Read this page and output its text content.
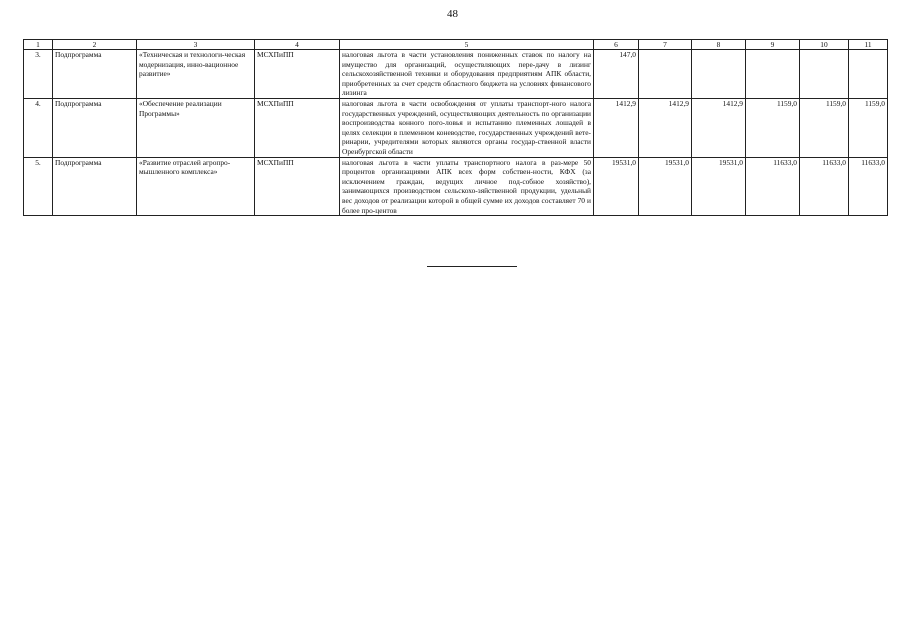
48
1	2	3	4	5	6	7	8	9	10	11
3.	Подпрограмма	«Техническая и технологи-ческая модернизация, инно-вационное развитие»	МСХПиПП	налоговая льгота в части установления пониженных ставок по налогу на имущество для организаций, осуществляющих пере-дачу в лизинг сельскохозяйственной техники и оборудования предприятиям АПК области, приобретенных за счет средств областного бюджета на условиях финансового лизинга	147,0					
4.	Подпрограмма	«Обеспечение реализации Программы»	МСХПиПП	налоговая льгота в части освобождения от уплаты транспорт-ного налога государственных учреждений, осуществляющих деятельность по организации воспроизводства конного пого-ловья и испытанию племенных лошадей в целях селекции в племенном коневодстве, государственных учреждений вете-ринарии, учредителями которых являются органы государ-ственной власти Оренбургской области	1412,9	1412,9	1412,9	1159,0	1159,0	1159,0
5.	Подпрограмма	«Развитие отраслей агропро-мышленного комплекса»	МСХПиПП	налоговая льгота в части уплаты транспортного налога в раз-мере 50 процентов организациями АПК всех форм собствен-ности, КФХ (за исключением граждан, ведущих личное под-собное хозяйство), занимающихся производством сельскохо-зяйственной продукции, удельный вес доходов от реализации которой в общей сумме их доходов составляет 70 и более про-центов	19531,0	19531,0	19531,0	11633,0	11633,0	11633,0
